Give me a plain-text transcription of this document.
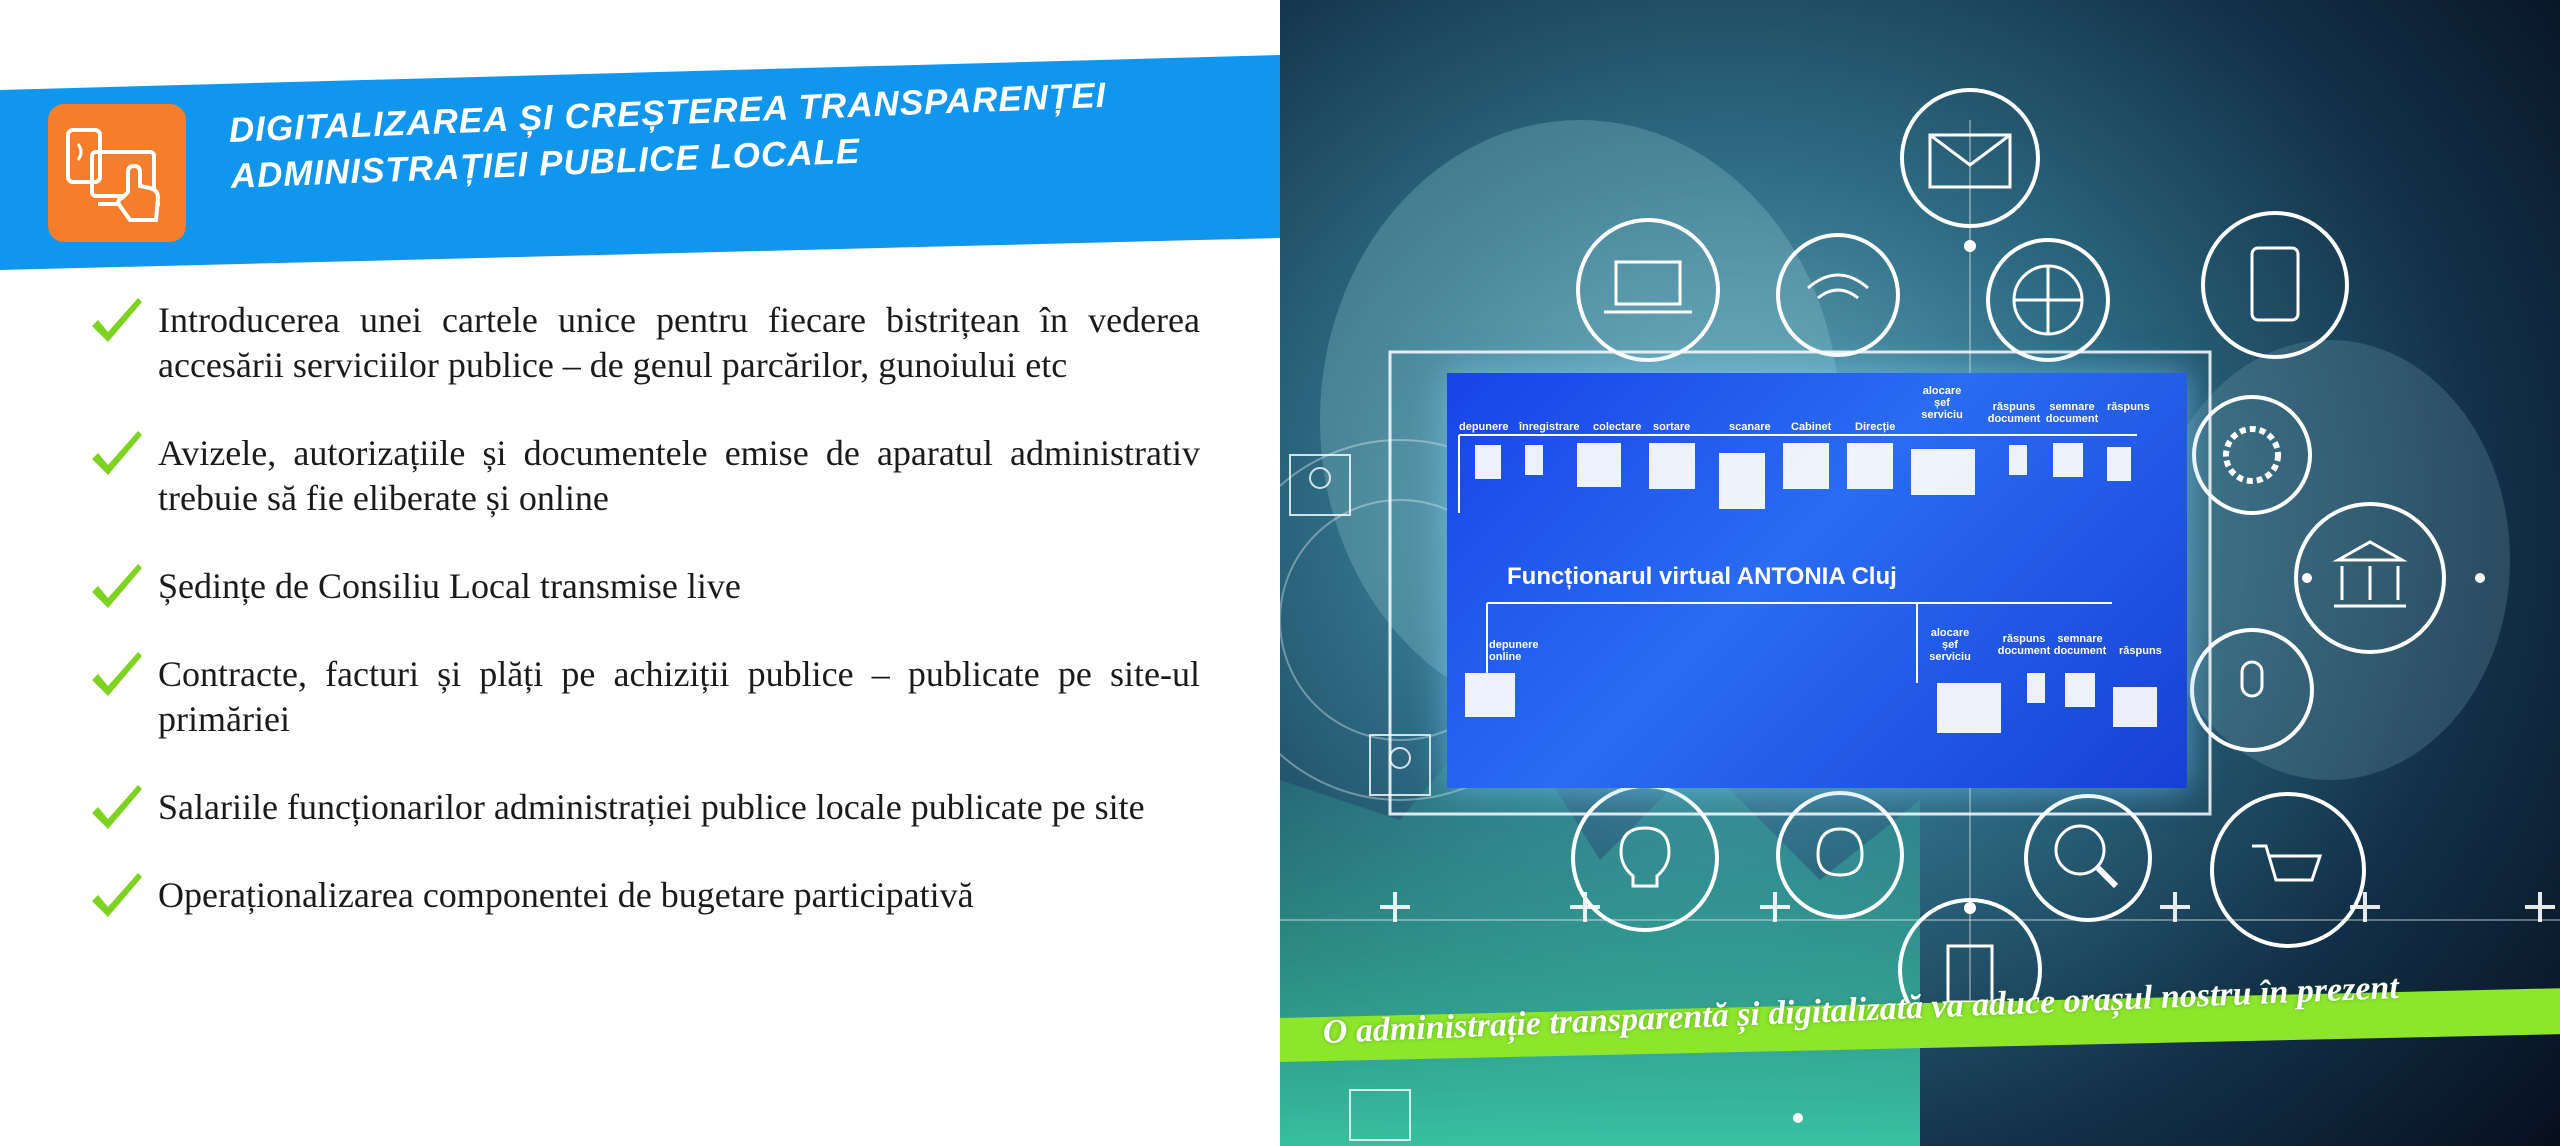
DIGITALIZAREA ȘI CREȘTEREA TRANSPARENȚEI
ADMINISTRAȚIEI PUBLICE LOCALE
Introducerea unei cartele unice pentru fiecare bistrițean în vederea accesării serviciilor publice – de genul parcărilor, gunoiului etc
Avizele, autorizațiile și documentele emise de aparatul administrativ trebuie să fie eliberate și online
Ședințe de Consiliu Local transmise live
Contracte, facturi și plăți pe achiziții publice – publicate pe site-ul primăriei
Salariile funcționarilor administrației publice locale publicate pe site
Operaționalizarea componentei de bugetare participativă
depunere înregistrare colectare sortare	scanare Cabinet Direcție
alocare șef serviciu
răspuns document
semnare document
răspuns
Funcționarul virtual ANTONIA Cluj
depunere online
alocare șef serviciu
răspuns document
semnare document răspuns
O administrație transparentă și digitalizată va aduce orașul nostru în prezent
